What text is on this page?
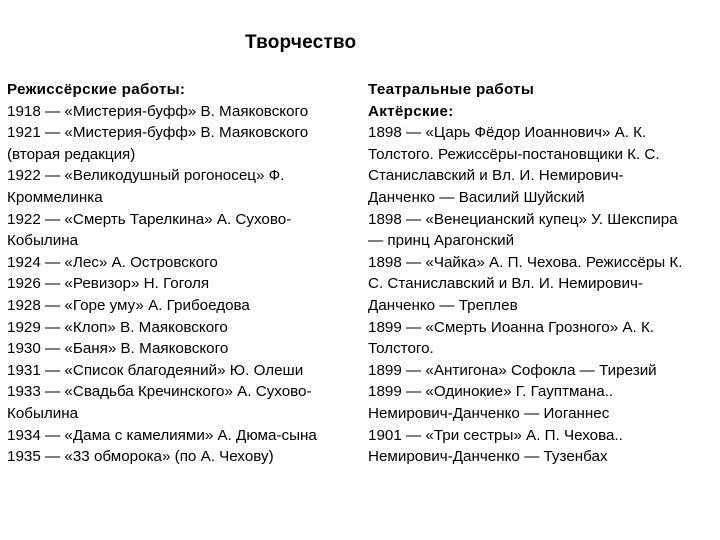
Творчество
Режиссёрские работы:
1918 — «Мистерия-буфф» В. Маяковского
1921 — «Мистерия-буфф» В. Маяковского
(вторая редакция)
1922 — «Великодушный рогоносец» Ф.
Кроммелинка
1922 — «Смерть Тарелкина» А. Сухово-
Кобылина
1924 — «Лес» А. Островского
1926 — «Ревизор» Н. Гоголя
1928 — «Горе уму» А. Грибоедова
1929 — «Клоп» В. Маяковского
1930 — «Баня» В. Маяковского
1931 — «Список благодеяний» Ю. Олеши
1933 — «Свадьба Кречинского» А. Сухово-
Кобылина
1934 — «Дама с камелиями» А. Дюма-сына
1935 — «33 обморока» (по А. Чехову)
Театральные работы
Актёрские:
1898 — «Царь Фёдор Иоаннович» А. К.
Толстого. Режиссёры-постановщики К. С.
Станиславский и Вл. И. Немирович-
Данченко — Василий Шуйский
1898 — «Венецианский купец» У. Шекспира
— принц Арагонский
1898 — «Чайка» А. П. Чехова. Режиссёры К.
С. Станиславский и Вл. И. Немирович-
Данченко — Треплев
1899 — «Смерть Иоанна Грозного» А. К.
Толстого.
1899 — «Антигона» Софокла — Тирезий
1899 — «Одинокие» Г. Гауптмана..
Немирович-Данченко — Иоганнес
1901 — «Три сестры» А. П. Чехова..
Немирович-Данченко — Тузенбах
